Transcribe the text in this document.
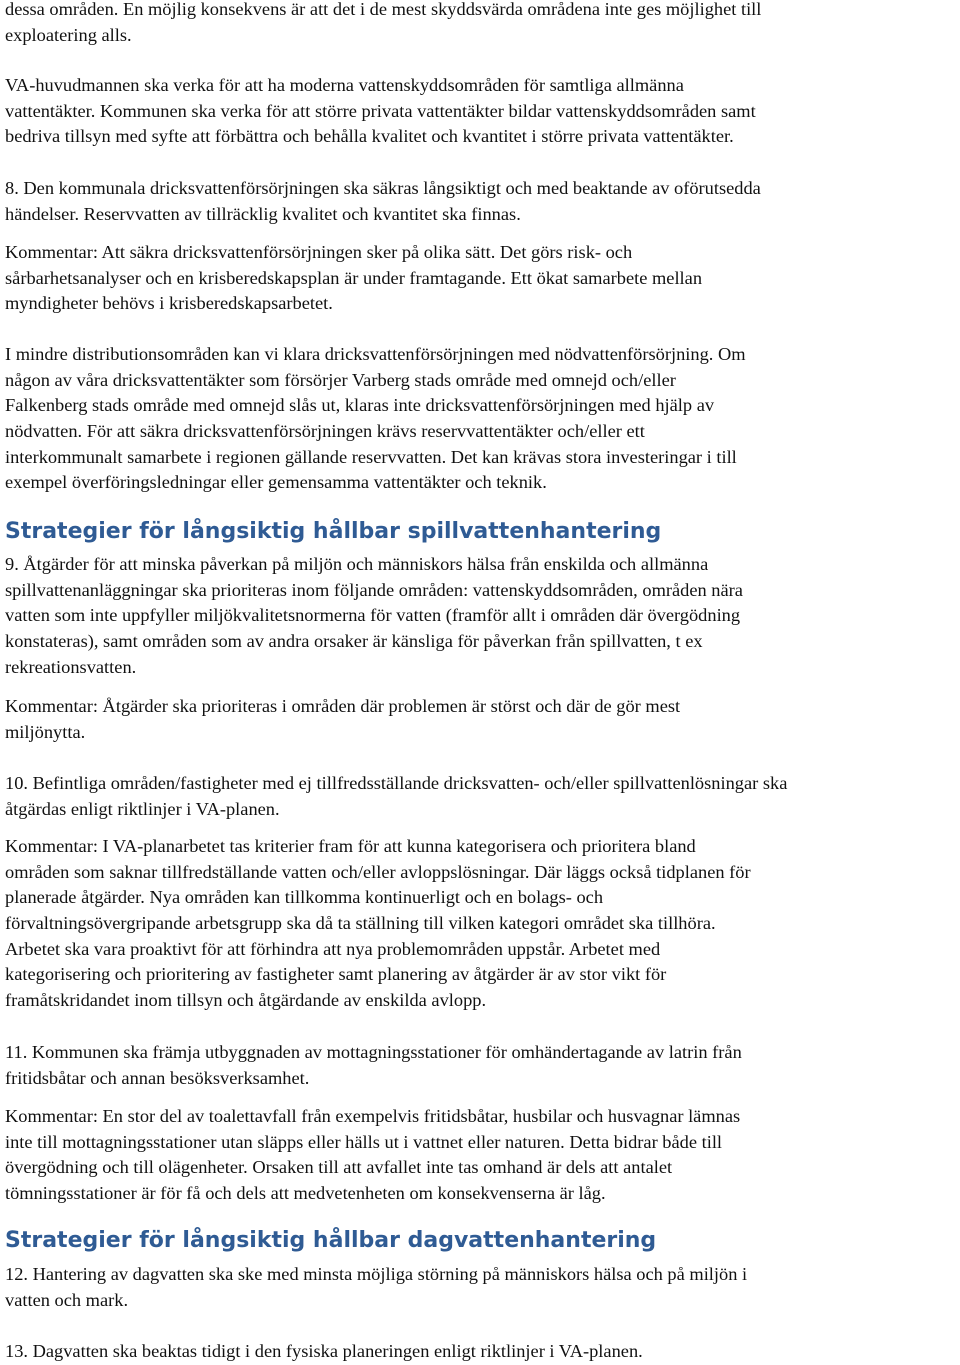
dessa områden. En möjlig konsekvens är att det i de mest skyddsvärda områdena inte ges möjlighet till
exploatering alls.

VA-huvudmannen ska verka för att ha moderna vattenskyddsområden för samtliga allmänna
vattentäkter. Kommunen ska verka för att större privata vattentäkter bildar vattenskyddsområden samt
bedriva tillsyn med syfte att förbättra och behålla kvalitet och kvantitet i större privata vattentäkter.

8. Den kommunala dricksvattenförsörjningen ska säkras långsiktigt och med beaktande av oförutsedda
händelser. Reservvatten av tillräcklig kvalitet och kvantitet ska finnas.

Kommentar: Att säkra dricksvattenförsörjningen sker på olika sätt. Det görs risk- och
sårbarhetsanalyser och en krisberedskapsplan är under framtagande. Ett ökat samarbete mellan
myndigheter behövs i krisberedskapsarbetet.

I mindre distributionsområden kan vi klara dricksvattenförsörjningen med nödvattenförsörjning. Om
någon av våra dricksvattentäkter som försörjer Varberg stads område med omnejd och/eller
Falkenberg stads område med omnejd slås ut, klaras inte dricksvattenförsörjningen med hjälp av
nödvatten. För att säkra dricksvattenförsörjningen krävs reservvattentäkter och/eller ett
interkommunalt samarbete i regionen gällande reservvatten. Det kan krävas stora investeringar i till
exempel överföringsledningar eller gemensamma vattentäkter och teknik.

Strategier för långsiktig hållbar spillvattenhantering

9. Åtgärder för att minska påverkan på miljön och människors hälsa från enskilda och allmänna
spillvattenanläggningar ska prioriteras inom följande områden: vattenskyddsområden, områden nära
vatten som inte uppfyller miljökvalitetsnormerna för vatten (framför allt i områden där övergödning
konstateras), samt områden som av andra orsaker är känsliga för påverkan från spillvatten, t ex
rekreationsvatten.

Kommentar: Åtgärder ska prioriteras i områden där problemen är störst och där de gör mest
miljönytta.

10. Befintliga områden/fastigheter med ej tillfredsställande dricksvatten- och/eller spillvattenlösningar ska
åtgärdas enligt riktlinjer i VA-planen.

Kommentar: I VA-planarbetet tas kriterier fram för att kunna kategorisera och prioritera bland
områden som saknar tillfredställande vatten och/eller avloppslösningar. Där läggs också tidplanen för
planerade åtgärder. Nya områden kan tillkomma kontinuerligt och en bolags- och
förvaltningsövergripande arbetsgrupp ska då ta ställning till vilken kategori området ska tillhöra.
Arbetet ska vara proaktivt för att förhindra att nya problemområden uppstår. Arbetet med
kategorisering och prioritering av fastigheter samt planering av åtgärder är av stor vikt för
framåtskridandet inom tillsyn och åtgärdande av enskilda avlopp.

11. Kommunen ska främja utbyggnaden av mottagningsstationer för omhändertagande av latrin från
fritidsbåtar och annan besöksverksamhet.

Kommentar: En stor del av toalettavfall från exempelvis fritidsbåtar, husbilar och husvagnar lämnas
inte till mottagningsstationer utan släpps eller hälls ut i vattnet eller naturen. Detta bidrar både till
övergödning och till olägenheter. Orsaken till att avfallet inte tas omhand är dels att antalet
tömningsstationer är för få och dels att medvetenheten om konsekvenserna är låg.

Strategier för långsiktig hållbar dagvattenhantering

12. Hantering av dagvatten ska ske med minsta möjliga störning på människors hälsa och på miljön i
vatten och mark.

13. Dagvatten ska beaktas tidigt i den fysiska planeringen enligt riktlinjer i VA-planen.
